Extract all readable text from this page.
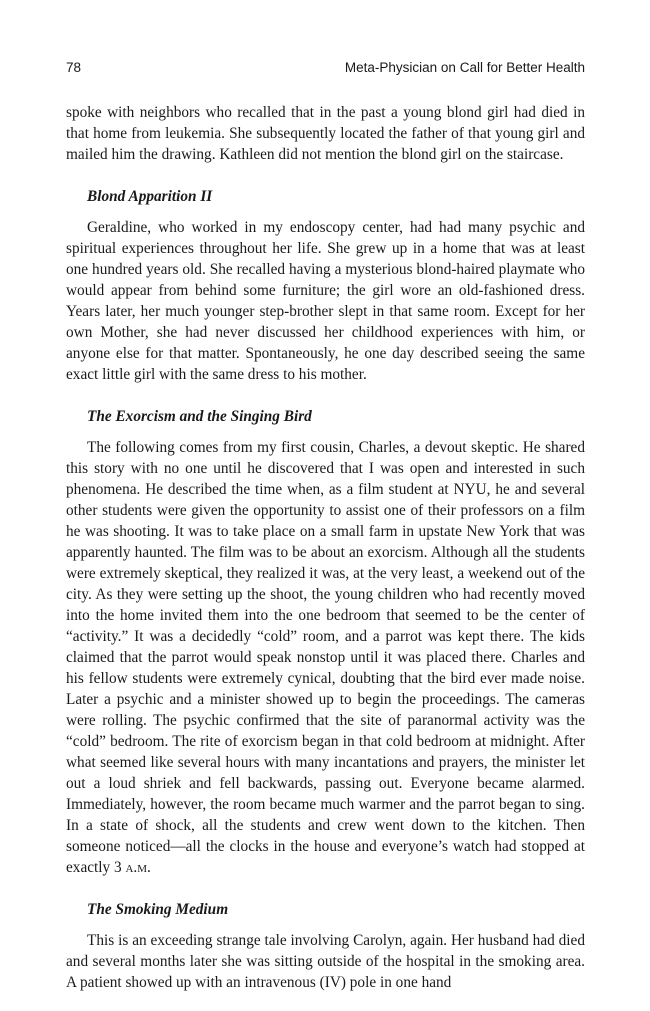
78	Meta-Physician on Call for Better Health

spoke with neighbors who recalled that in the past a young blond girl had died in that home from leukemia. She subsequently located the father of that young girl and mailed him the drawing. Kathleen did not mention the blond girl on the staircase.

Blond Apparition II

Geraldine, who worked in my endoscopy center, had had many psychic and spiritual experiences throughout her life. She grew up in a home that was at least one hundred years old. She recalled having a mysterious blond-haired playmate who would appear from behind some furniture; the girl wore an old-fashioned dress. Years later, her much younger step-brother slept in that same room. Except for her own Mother, she had never discussed her childhood experiences with him, or anyone else for that matter. Spontaneously, he one day described seeing the same exact little girl with the same dress to his mother.

The Exorcism and the Singing Bird

The following comes from my first cousin, Charles, a devout skeptic. He shared this story with no one until he discovered that I was open and interested in such phenomena. He described the time when, as a film student at NYU, he and several other students were given the opportunity to assist one of their professors on a film he was shooting. It was to take place on a small farm in upstate New York that was apparently haunted. The film was to be about an exorcism. Although all the students were extremely skeptical, they realized it was, at the very least, a weekend out of the city. As they were setting up the shoot, the young children who had recently moved into the home invited them into the one bedroom that seemed to be the center of “activity.” It was a decidedly “cold” room, and a parrot was kept there. The kids claimed that the parrot would speak nonstop until it was placed there. Charles and his fellow students were extremely cynical, doubting that the bird ever made noise. Later a psychic and a minister showed up to begin the proceedings. The cameras were rolling. The psychic confirmed that the site of paranormal activity was the “cold” bedroom. The rite of exorcism began in that cold bedroom at midnight. After what seemed like several hours with many incantations and prayers, the minister let out a loud shriek and fell backwards, passing out. Everyone became alarmed. Immediately, however, the room became much warmer and the parrot began to sing. In a state of shock, all the students and crew went down to the kitchen. Then someone noticed—all the clocks in the house and everyone’s watch had stopped at exactly 3 a.m.

The Smoking Medium

This is an exceeding strange tale involving Carolyn, again. Her husband had died and several months later she was sitting outside of the hospital in the smoking area. A patient showed up with an intravenous (IV) pole in one hand
